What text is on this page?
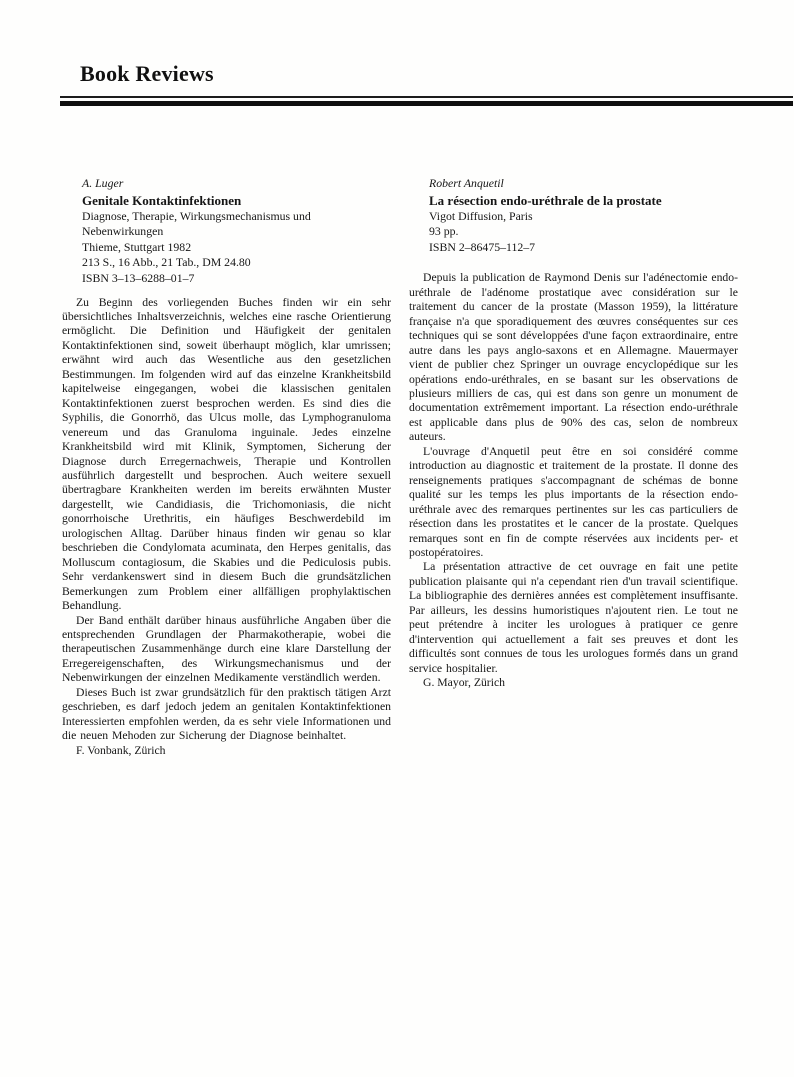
Book Reviews
A. Luger
Genitale Kontaktinfektionen
Diagnose, Therapie, Wirkungsmechanismus und Nebenwirkungen
Thieme, Stuttgart 1982
213 S., 16 Abb., 21 Tab., DM 24.80
ISBN 3–13–6288–01–7

Zu Beginn des vorliegenden Buches finden wir ein sehr übersichtliches Inhaltsverzeichnis, welches eine rasche Orientierung ermöglicht. Die Definition und Häufigkeit der genitalen Kontaktinfektionen sind, soweit überhaupt möglich, klar umrissen; erwähnt wird auch das Wesentliche aus den gesetzlichen Bestimmungen. Im folgenden wird auf das einzelne Krankheitsbild kapitelweise eingegangen, wobei die klassischen genitalen Kontaktinfektionen zuerst besprochen werden. Es sind dies die Syphilis, die Gonorrhö, das Ulcus molle, das Lymphogranuloma venereum und das Granuloma inguinale. Jedes einzelne Krankheitsbild wird mit Klinik, Symptomen, Sicherung der Diagnose durch Erregernachweis, Therapie und Kontrollen ausführlich dargestellt und besprochen. Auch weitere sexuell übertragbare Krankheiten werden im bereits erwähnten Muster dargestellt, wie Candidiasis, die Trichomoniasis, die nicht gonorrhoische Urethritis, ein häufiges Beschwerdebild im urologischen Alltag. Darüber hinaus finden wir genau so klar beschrieben die Condylomata acuminata, den Herpes genitalis, das Molluscum contagiosum, die Skabies und die Pediculosis pubis. Sehr verdankenswert sind in diesem Buch die grundsätzlichen Bemerkungen zum Problem einer allfälligen prophylaktischen Behandlung.

Der Band enthält darüber hinaus ausführliche Angaben über die entsprechenden Grundlagen der Pharmakotherapie, wobei die therapeutischen Zusammenhänge durch eine klare Darstellung der Erregereigenschaften, des Wirkungsmechanismus und der Nebenwirkungen der einzelnen Medikamente verständlich werden.

Dieses Buch ist zwar grundsätzlich für den praktisch tätigen Arzt geschrieben, es darf jedoch jedem an genitalen Kontaktinfektionen Interessierten empfohlen werden, da es sehr viele Informationen und die neuen Mehoden zur Sicherung der Diagnose beinhaltet.

F. Vonbank, Zürich

Robert Anquetil
La résection endo-uréthrale de la prostate
Vigot Diffusion, Paris
93 pp.
ISBN 2–86475–112–7

Depuis la publication de Raymond Denis sur l'adénectomie endo-uréthrale de l'adénome prostatique avec considération sur le traitement du cancer de la prostate (Masson 1959), la littérature française n'a que sporadiquement des œuvres conséquentes sur ces techniques qui se sont développées d'une façon extraordinaire, entre autre dans les pays anglo-saxons et en Allemagne. Mauermayer vient de publier chez Springer un ouvrage encyclopédique sur les opérations endo-uréthrales, en se basant sur les observations de plusieurs milliers de cas, qui est dans son genre un monument de documentation extrêmement important. La résection endo-uréthrale est applicable dans plus de 90% des cas, selon de nombreux auteurs.

L'ouvrage d'Anquetil peut être en soi considéré comme introduction au diagnostic et traitement de la prostate. Il donne des renseignements pratiques s'accompagnant de schémas de bonne qualité sur les temps les plus importants de la résection endo-uréthrale avec des remarques pertinentes sur les cas particuliers de résection dans les prostatites et le cancer de la prostate. Quelques remarques sont en fin de compte réservées aux incidents per- et postopératoires.

La présentation attractive de cet ouvrage en fait une petite publication plaisante qui n'a cependant rien d'un travail scientifique. La bibliographie des dernières années est complètement insuffisante. Par ailleurs, les dessins humoristiques n'ajoutent rien. Le tout ne peut prétendre à inciter les urologues à pratiquer ce genre d'intervention qui actuellement a fait ses preuves et dont les difficultés sont connues de tous les urologues formés dans un grand service hospitalier.

G. Mayor, Zürich
